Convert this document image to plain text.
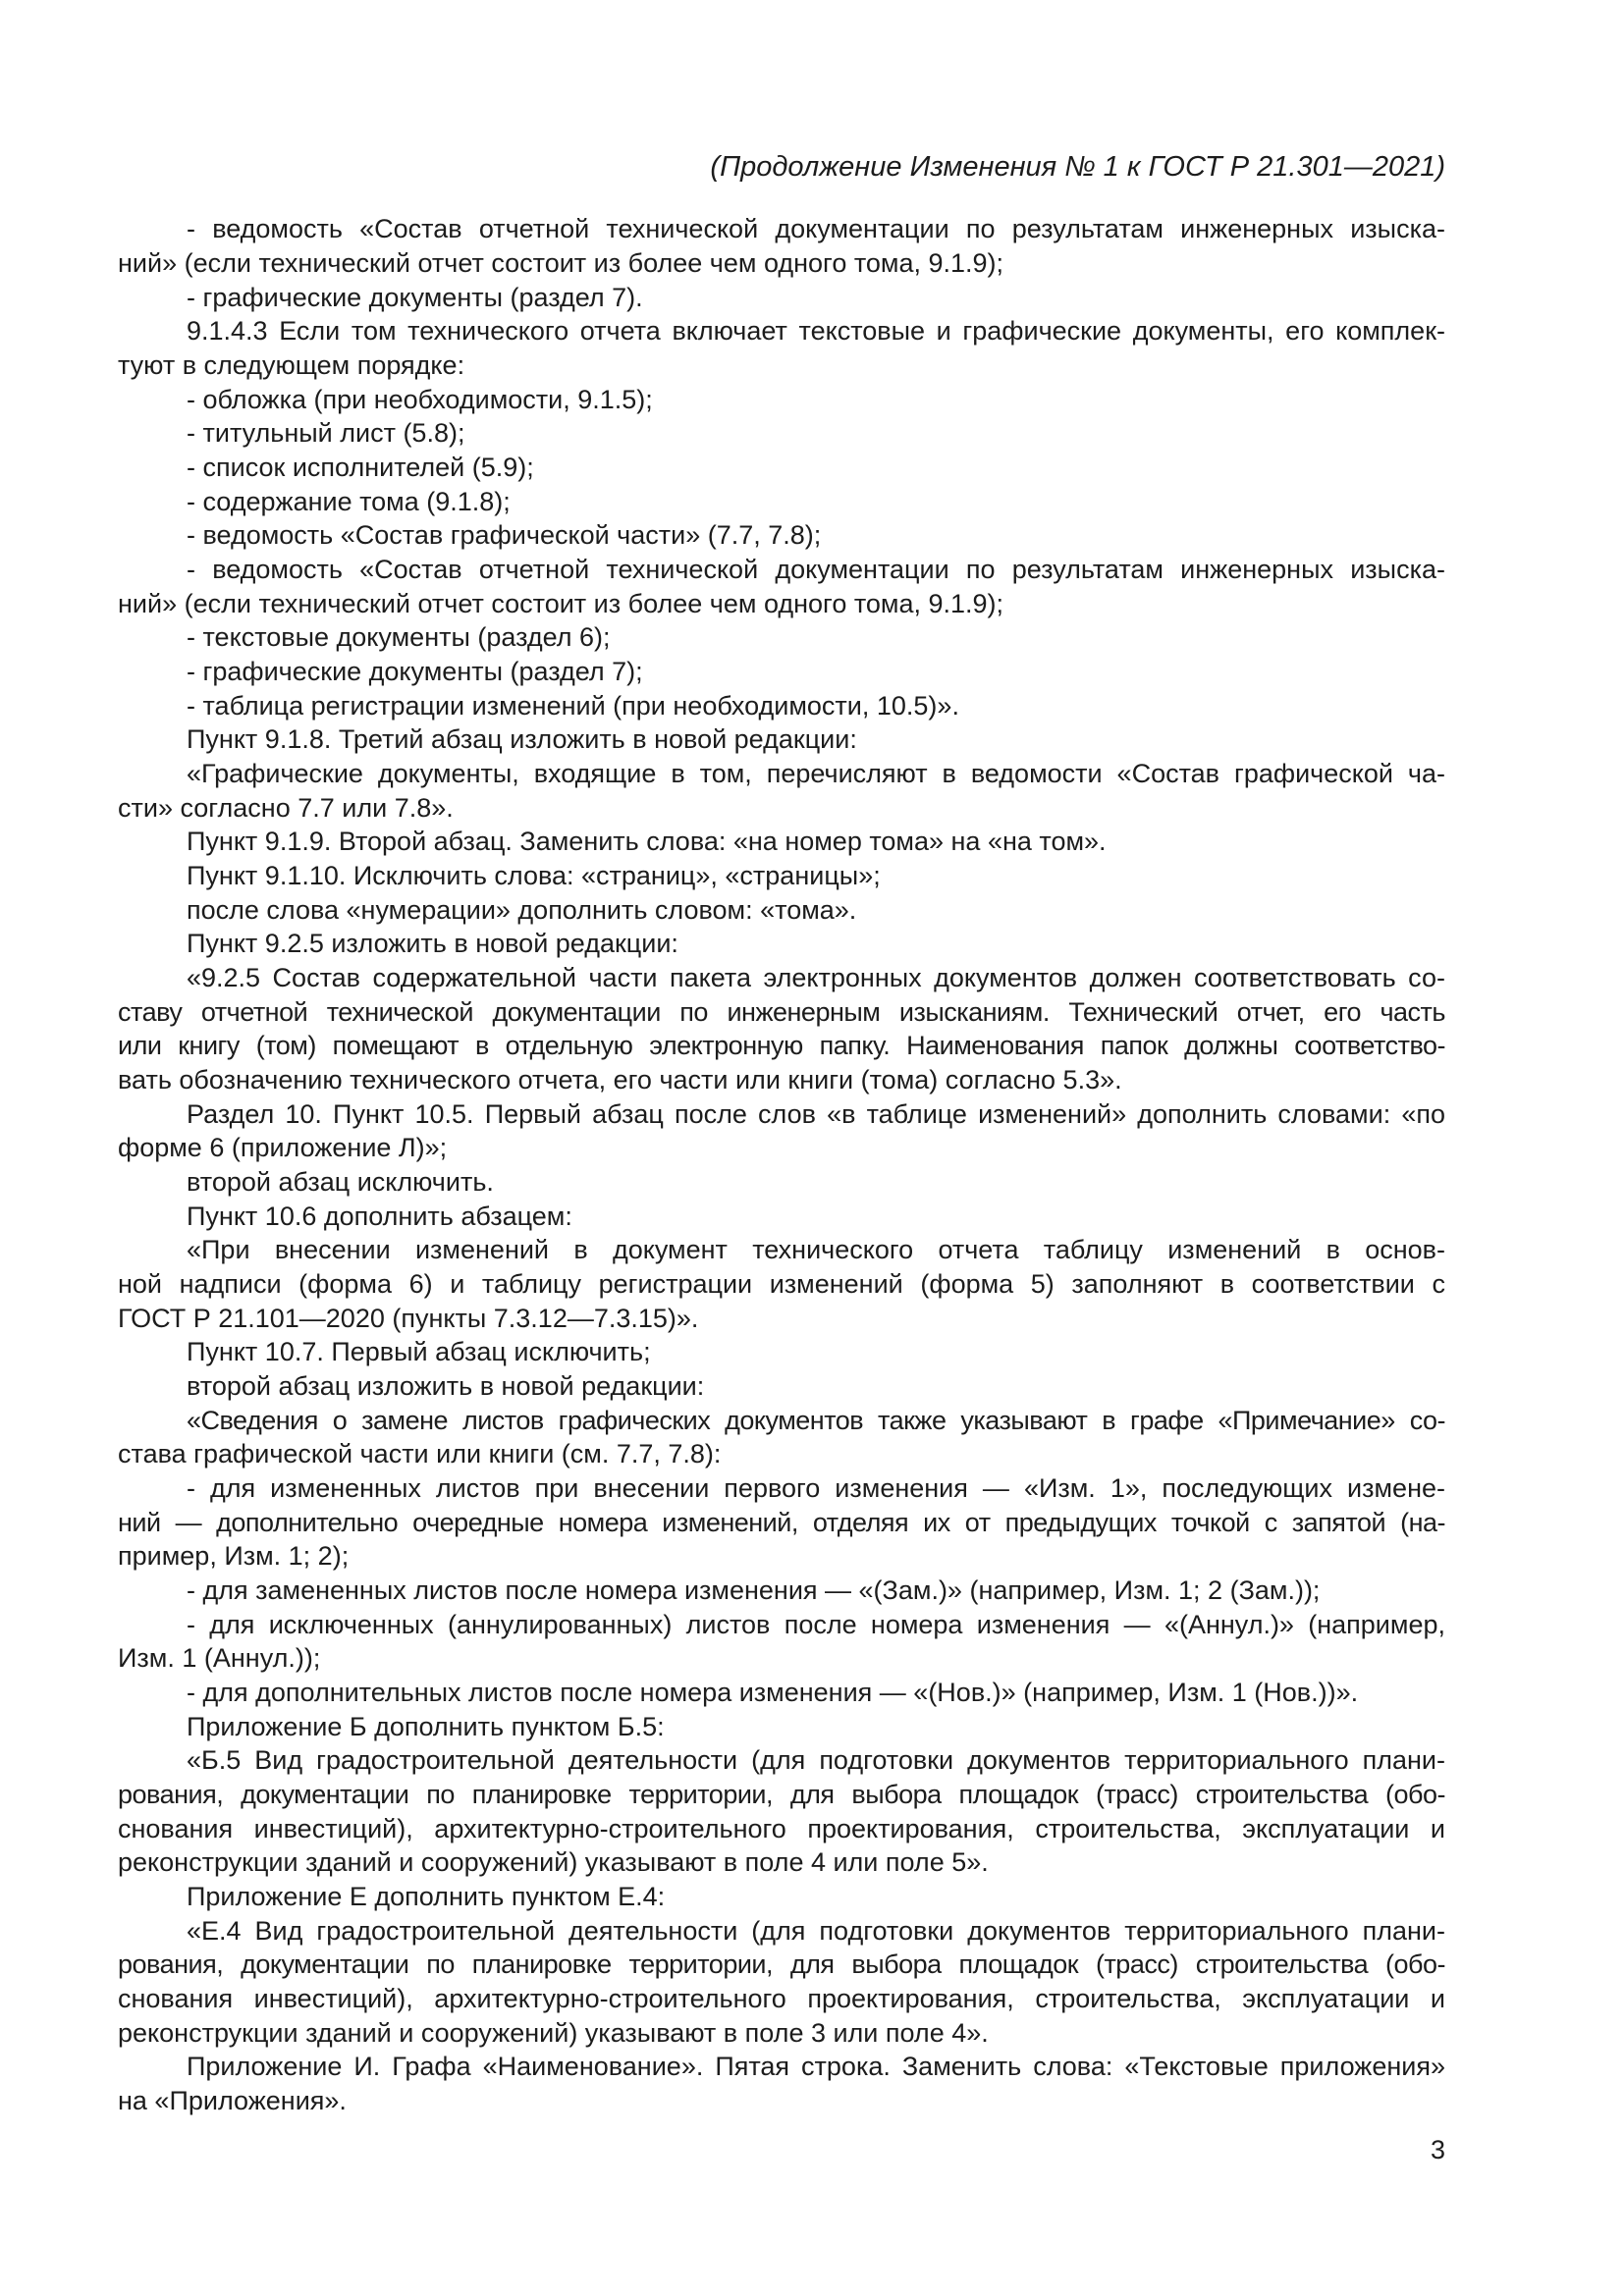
(Продолжение Изменения № 1 к ГОСТ Р 21.301—2021)
- ведомость «Состав отчетной технической документации по результатам инженерных изыска-
ний» (если технический отчет состоит из более чем одного тома, 9.1.9);
- графические документы (раздел 7).
9.1.4.3 Если том технического отчета включает текстовые и графические документы, его комплек-
туют в следующем порядке:
- обложка (при необходимости, 9.1.5);
- титульный лист (5.8);
- список исполнителей (5.9);
- содержание тома (9.1.8);
- ведомость «Состав графической части» (7.7, 7.8);
- ведомость «Состав отчетной технической документации по результатам инженерных изыска-
ний» (если технический отчет состоит из более чем одного тома, 9.1.9);
- текстовые документы (раздел 6);
- графические документы (раздел 7);
- таблица регистрации изменений (при необходимости, 10.5)».
Пункт 9.1.8. Третий абзац изложить в новой редакции:
«Графические документы, входящие в том, перечисляют в ведомости «Состав графической ча-
сти» согласно 7.7 или 7.8».
Пункт 9.1.9. Второй абзац. Заменить слова: «на номер тома» на «на том».
Пункт 9.1.10. Исключить слова: «страниц», «страницы»;
после слова «нумерации» дополнить словом: «тома».
Пункт 9.2.5 изложить в новой редакции:
«9.2.5 Состав содержательной части пакета электронных документов должен соответствовать со-
ставу отчетной технической документации по инженерным изысканиям. Технический отчет, его часть
или книгу (том) помещают в отдельную электронную папку. Наименования папок должны соответство-
вать обозначению технического отчета, его части или книги (тома) согласно 5.3».
Раздел 10. Пункт 10.5. Первый абзац после слов «в таблице изменений» дополнить словами: «по
форме 6 (приложение Л)»;
второй абзац исключить.
Пункт 10.6 дополнить абзацем:
«При внесении изменений в документ технического отчета таблицу изменений в основ-
ной надписи (форма 6) и таблицу регистрации изменений (форма 5) заполняют в соответствии с
ГОСТ Р 21.101—2020 (пункты 7.3.12—7.3.15)».
Пункт 10.7. Первый абзац исключить;
второй абзац изложить в новой редакции:
«Сведения о замене листов графических документов также указывают в графе «Примечание» со-
става графической части или книги (см. 7.7, 7.8):
- для измененных листов при внесении первого изменения — «Изм. 1», последующих измене-
ний — дополнительно очередные номера изменений, отделяя их от предыдущих точкой с запятой (на-
пример, Изм. 1; 2);
- для замененных листов после номера изменения — «(Зам.)» (например, Изм. 1; 2 (Зам.));
- для исключенных (аннулированных) листов после номера изменения — «(Аннул.)» (например,
Изм. 1 (Аннул.));
- для дополнительных листов после номера изменения — «(Нов.)» (например, Изм. 1 (Нов.))».
Приложение Б дополнить пунктом Б.5:
«Б.5 Вид градостроительной деятельности (для подготовки документов территориального плани-
рования, документации по планировке территории, для выбора площадок (трасс) строительства (обо-
снования инвестиций), архитектурно-строительного проектирования, строительства, эксплуатации и
реконструкции зданий и сооружений) указывают в поле 4 или поле 5».
Приложение Е дополнить пунктом Е.4:
«Е.4 Вид градостроительной деятельности (для подготовки документов территориального плани-
рования, документации по планировке территории, для выбора площадок (трасс) строительства (обо-
снования инвестиций), архитектурно-строительного проектирования, строительства, эксплуатации и
реконструкции зданий и сооружений) указывают в поле 3 или поле 4».
Приложение И. Графа «Наименование». Пятая строка. Заменить слова: «Текстовые приложения»
на «Приложения».
3
